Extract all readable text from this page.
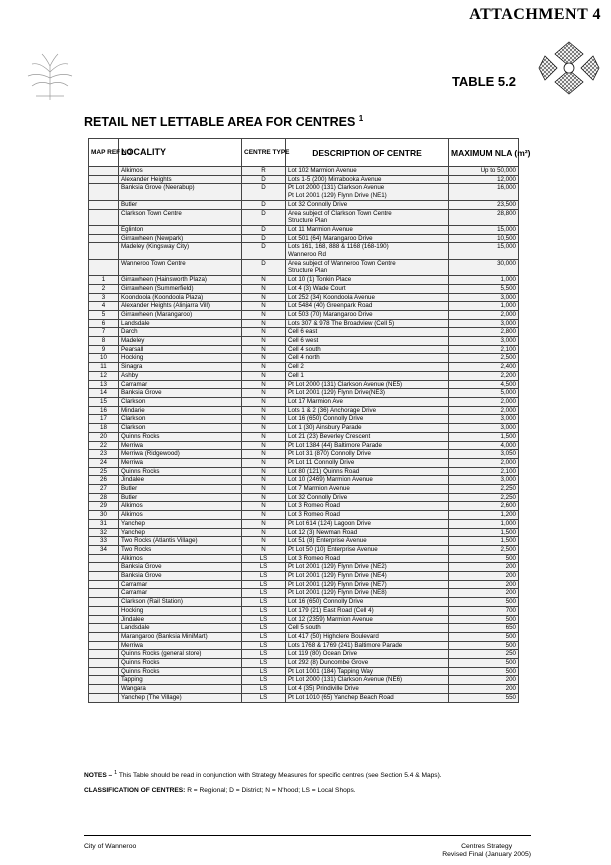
ATTACHMENT 4
TABLE 5.2
RETAIL NET LETTABLE AREA FOR CENTRES $^1$
MAP REF NO	LOCALITY	CENTRE TYPE	DESCRIPTION OF CENTRE	MAXIMUM NLA (m²)
	Alkimos	R	Lot 102 Marmion Avenue	Up to 50,000
	Alexander Heights	D	Lots 1-5 (200) Mirrabooka Avenue	12,000
	Banksia Grove (Neerabup)	D	Pt Lot 2000 (131) Clarkson Avenue
Pt Lot 2001 (129) Flynn Drive (NE1)	16,000
	Butler	D	Lot 32 Connolly Drive	23,500
	Clarkson Town Centre	D	Area subject of Clarkson Town Centre
Structure Plan	28,800
	Eglinton	D	Lot 11 Marmion Avenue	15,000
	Girrawheen (Newpark)	D	Lot 501 (64) Marangaroo Drive	10,500
	Madeley (Kingsway City)	D	Lots 161, 168, 888 & 1168 (168-190)
Wanneroo Rd	15,000
	Wanneroo Town Centre	D	Area subject of Wanneroo Town Centre
Structure Plan	30,000
1	Girrawheen (Hainsworth Plaza)	N	Lot 10 (1) Tonkin Place	1,000
2	Girrawheen (Summerfield)	N	Lot 4 (3) Wade Court	5,500
3	Koondoola (Koondoola Plaza)	N	Lot 252 (34) Koondoola Avenue	3,000
4	Alexander Heights (Alinjarra Vill)	N	Lot 5484 (40) Greenpark Road	1,000
5	Girrawheen (Marangaroo)	N	Lot 503 (70) Marangaroo Drive	2,000
6	Landsdale	N	Lots 307 & 978 The Broadview (Cell 5)	3,000
7	Darch	N	Cell 6 east	2,800
8	Madeley	N	Cell 6 west	3,000
9	Pearsall	N	Cell 4 south	2,100
10	Hocking	N	Cell 4 north	2,500
11	Sinagra	N	Cell 2	2,400
12	Ashby	N	Cell 1	2,200
13	Carramar	N	Pt Lot 2000 (131) Clarkson Avenue (NE5)	4,500
14	Banksia Grove	N	Pt Lot 2001 (129) Flynn Drive(NE3)	5,000
15	Clarkson	N	Lot 17 Marmion Ave	2,000
16	Mindarie	N	Lots 1 & 2 (36) Anchorage Drive	2,000
17	Clarkson	N	Lot 16 (650) Connolly Drive	3,000
18	Clarkson	N	Lot 1 (30) Ainsbury Parade	3,000
20	Quinns Rocks	N	Lot 21 (23) Beverley Crescent	1,500
22	Merriwa	N	Pt Lot 1384 (44) Baltimore Parade	4,000
23	Merriwa (Ridgewood)	N	Pt Lot 31 (870) Connolly Drive	3,050
24	Merriwa	N	Pt Lot 11 Connolly Drive	2,000
25	Quinns Rocks	N	Lot 80 (121) Quinns Road	2,100
26	Jindalee	N	Lot 10 (2469) Marmion Avenue	3,000
27	Butler	N	Lot 7 Marmion Avenue	2,250
28	Butler	N	Lot 32 Connolly Drive	2,250
29	Alkimos	N	Lot 3 Romeo Road	2,600
30	Alkimos	N	Lot 3 Romeo Road	1,200
31	Yanchep	N	Pt Lot 614 (124) Lagoon Drive	1,000
32	Yanchep	N	Lot 12 (3) Newman Road	1,500
33	Two Rocks (Atlantis Village)	N	Lot 51 (8) Enterprise Avenue	1,500
34	Two Rocks	N	Pt Lot 50 (10) Enterprise Avenue	2,500
	Alkimos	LS	Lot 3 Romeo Road	500
	Banksia Grove	LS	Pt Lot 2001 (129) Flynn Drive (NE2)	200
	Banksia Grove	LS	Pt Lot 2001 (129) Flynn Drive (NE4)	200
	Carramar	LS	Pt Lot 2001 (129) Flynn Drive (NE7)	200
	Carramar	LS	Pt Lot 2001 (129) Flynn Drive (NE8)	200
	Clarkson (Rail Station)	LS	Lot 16 (650) Connolly Drive	500
	Hocking	LS	Lot 179 (21) East Road (Cell 4)	700
	Jindalee	LS	Lot 12 (2359) Marmion Avenue	500
	Landsdale	LS	Cell 5 south	650
	Marangaroo (Banksia MiniMart)	LS	Lot 417 (50) Highclere Boulevard	500
	Merriwa	LS	Lots 1768 & 1769 (241) Baltimore Parade	500
	Quinns Rocks (general store)	LS	Lot 119 (80) Ocean Drive	250
	Quinns Rocks	LS	Lot 292 (8) Duncombe Grove	500
	Quinns Rocks	LS	Pt Lot 1001 (184) Tapping Way	500
	Tapping	LS	Pt Lot 2000 (131) Clarkson Avenue (NE6)	200
	Wangara	LS	Lot 4 (35) Prindiville Drive	200
	Yanchep (The Village)	LS	Pt Lot 1010 (65) Yanchep Beach Road	550
NOTES – $^1$ This Table should be read in conjunction with Strategy Measures for specific centres (see Section 5.4 & Maps).
CLASSIFICATION OF CENTRES: R = Regional; D = District; N = N'hood; LS = Local Shops.
City of Wanneroo	Centres Strategy
Revised Final (January 2005)
